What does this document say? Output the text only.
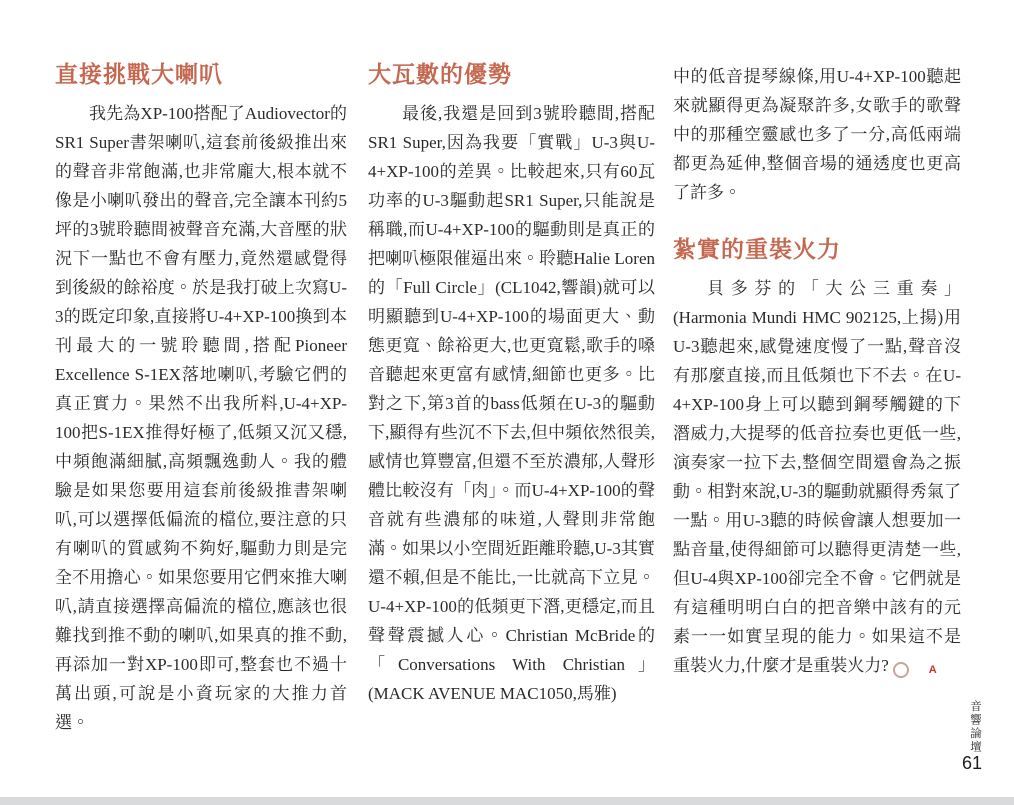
直接挑戰大喇叭

我先為XP-100搭配了Audiovector的SR1 Super書架喇叭,這套前後級推出來的聲音非常飽滿,也非常龐大,根本就不像是小喇叭發出的聲音,完全讓本刊約5坪的3號聆聽間被聲音充滿,大音壓的狀況下一點也不會有壓力,竟然還感覺得到後級的餘裕度。於是我打破上次寫U-3的既定印象,直接將U-4+XP-100換到本刊最大的一號聆聽間,搭配Pioneer Excellence S-1EX落地喇叭,考驗它們的真正實力。果然不出我所料,U-4+XP-100把S-1EX推得好極了,低頻又沉又穩,中頻飽滿細膩,高頻飄逸動人。我的體驗是如果您要用這套前後級推書架喇叭,可以選擇低偏流的檔位,要注意的只有喇叭的質感夠不夠好,驅動力則是完全不用擔心。如果您要用它們來推大喇叭,請直接選擇高偏流的檔位,應該也很難找到推不動的喇叭,如果真的推不動,再添加一對XP-100即可,整套也不過十萬出頭,可說是小資玩家的大推力首選。

大瓦數的優勢

最後,我還是回到3號聆聽間,搭配SR1 Super,因為我要「實戰」U-3與U-4+XP-100的差異。比較起來,只有60瓦功率的U-3驅動起SR1 Super,只能說是稱職,而U-4+XP-100的驅動則是真正的把喇叭極限催逼出來。聆聽Halie Loren的「Full Circle」(CL1042,響韻)就可以明顯聽到U-4+XP-100的場面更大、動態更寬、餘裕更大,也更寬鬆,歌手的嗓音聽起來更富有感情,細節也更多。比對之下,第3首的bass低頻在U-3的驅動下,顯得有些沉不下去,但中頻依然很美,感情也算豐富,但還不至於濃郁,人聲形體比較沒有「肉」。而U-4+XP-100的聲音就有些濃郁的味道,人聲則非常飽滿。如果以小空間近距離聆聽,U-3其實還不賴,但是不能比,一比就高下立見。U-4+XP-100的低頻更下潛,更穩定,而且聲聲震撼人心。Christian McBride的「Conversations With Christian」(MACK AVENUE MAC1050,馬雅)

中的低音提琴線條,用U-4+XP-100聽起來就顯得更為凝聚許多,女歌手的歌聲中的那種空靈感也多了一分,高低兩端都更為延伸,整個音場的通透度也更高了許多。

紮實的重裝火力

貝多芬的「大公三重奏」(Harmonia Mundi HMC 902125,上揚)用U-3聽起來,感覺速度慢了一點,聲音沒有那麼直接,而且低頻也下不去。在U-4+XP-100身上可以聽到鋼琴觸鍵的下潛威力,大提琴的低音拉奏也更低一些,演奏家一拉下去,整個空間還會為之振動。相對來說,U-3的驅動就顯得秀氣了一點。用U-3聽的時候會讓人想要加一點音量,使得細節可以聽得更清楚一些,但U-4與XP-100卻完全不會。它們就是有這種明明白白的把音樂中該有的元素一一如實呈現的能力。如果這不是重裝火力,什麼才是重裝火力?	A

音響論壇
61
